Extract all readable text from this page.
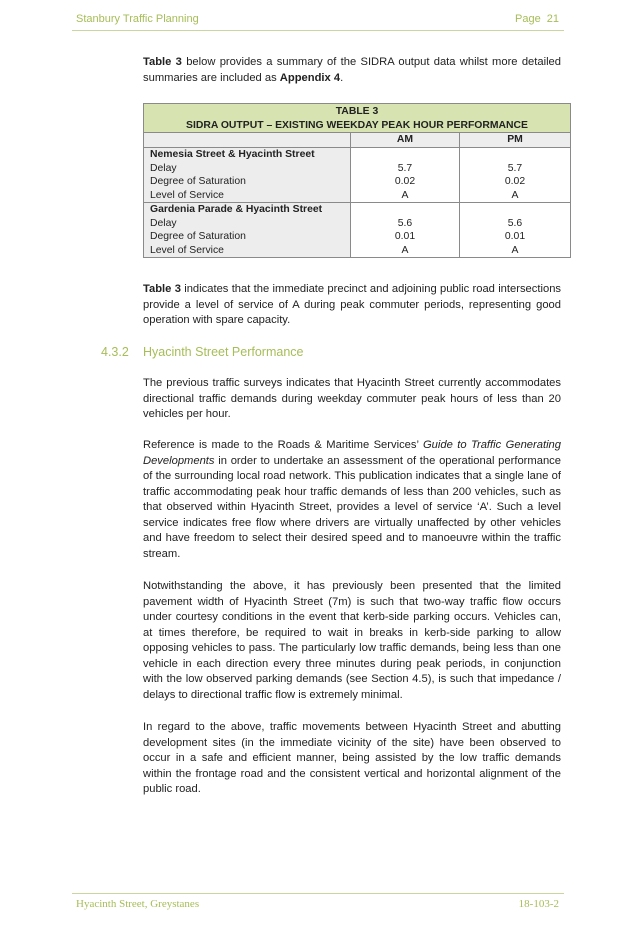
Stanbury Traffic Planning	Page 21

Table 3 below provides a summary of the SIDRA output data whilst more detailed summaries are included as Appendix 4.

TABLE 3
SIDRA OUTPUT – EXISTING WEEKDAY PEAK HOUR PERFORMANCE		

	AM	PM
Nemesia Street & Hyacinth Street		
Delay	5.7	5.7
Degree of Saturation	0.02	0.02
Level of Service	A	A
Gardenia Parade & Hyacinth Street		
Delay	5.6	5.6
Degree of Saturation	0.01	0.01
Level of Service	A	A

Table 3 indicates that the immediate precinct and adjoining public road intersections provide a level of service of A during peak commuter periods, representing good operation with spare capacity.

4.3.2 Hyacinth Street Performance

The previous traffic surveys indicates that Hyacinth Street currently accommodates directional traffic demands during weekday commuter peak hours of less than 20 vehicles per hour.

Reference is made to the Roads & Maritime Services’ Guide to Traffic Generating Developments in order to undertake an assessment of the operational performance of the surrounding local road network. This publication indicates that a single lane of traffic accommodating peak hour traffic demands of less than 200 vehicles, such as that observed within Hyacinth Street, provides a level of service ‘A’. Such a level service indicates free flow where drivers are virtually unaffected by other vehicles and have freedom to select their desired speed and to manoeuvre within the traffic stream.

Notwithstanding the above, it has previously been presented that the limited pavement width of Hyacinth Street (7m) is such that two-way traffic flow occurs under courtesy conditions in the event that kerb-side parking occurs. Vehicles can, at times therefore, be required to wait in breaks in kerb-side parking to allow opposing vehicles to pass. The particularly low traffic demands, being less than one vehicle in each direction every three minutes during peak periods, in conjunction with the low observed parking demands (see Section 4.5), is such that impedance / delays to directional traffic flow is extremely minimal.

In regard to the above, traffic movements between Hyacinth Street and abutting development sites (in the immediate vicinity of the site) have been observed to occur in a safe and efficient manner, being assisted by the low traffic demands within the frontage road and the consistent vertical and horizontal alignment of the public road.

Hyacinth Street, Greystanes	18-103-2
